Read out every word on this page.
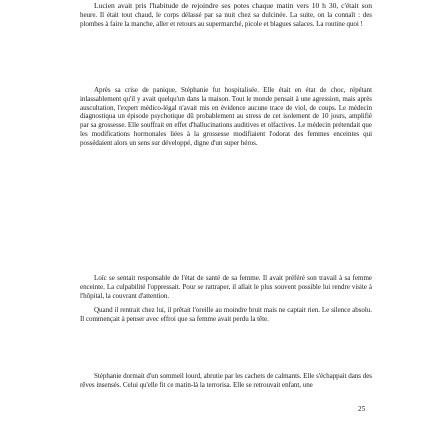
Lucien avait pris l'habitude de rejoindre ses potes chaque matin vers 10 h 30, c'était son heure. Il était tout chaud, le corps délassé par sa nuit chez sa dulcinée. La suite, on la connaît : des plombes à faire la manche, aller et retours au supermarché, picole et blagues salaces. La routine quoi !

Après sa crise de panique, Stéphanie fut hospitalisée. Elle était en état de choc, répétant inlassablement qu'il y avait quelqu'un dans la maison. Tout le monde pensait à une agression, mais après auscultation, l'expert médico-légal n'avait mis en évidence aucune trace de viol, de coups. Le médecin diagnostiqua un épisode psychotique dû probablement au stress de cet isolement de 10 jours, amplifié par sa grossesse. Elle souffrait en effet d'hallucinations auditives et olfactives. Le médecin prétendait que les modifications hormonales liées à la grossesse modifiaient l'odorat des femmes enceintes qui possédaient alors un sens sur développé, digne d'un super héros.

Loïc se sentait responsable de l'état de santé de sa femme. Il avait préféré son travail à sa femme enceinte. La culpabilité l'oppressait. Pour se rattraper, il allait le plus souvent possible lui rendre visite à l'hôpital, la couvrant d'attention.

Quand il rentrait chez lui, il prêtait l'oreille au moindre bruit mais ne captait rien. Le silence absolu. Il commençait à penser avec effroi que sa femme avait perdu la tête.

Stéphanie dormait d'un sommeil lourd, abrutie par les cachets de calmants. Elle s'échappait dans des rêves insensés. Celui qu'elle fit ce matin-là la terrorisa. Elle se retrouvait enfant, une

25
